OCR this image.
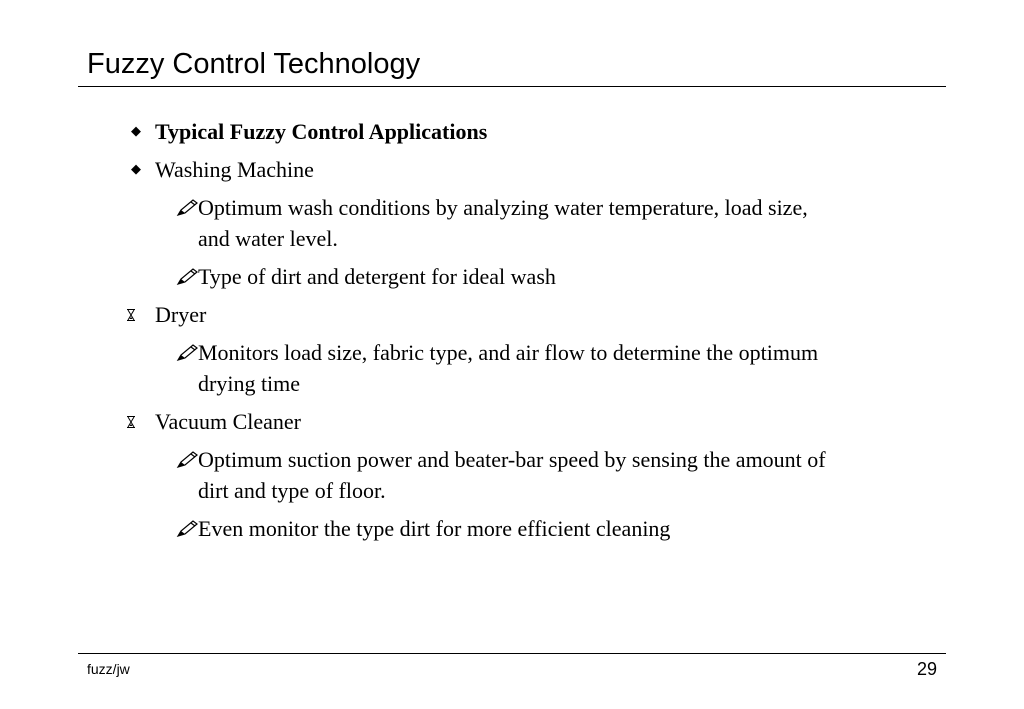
Fuzzy Control Technology
◆ Typical Fuzzy Control Applications
◆ Washing Machine
Optimum wash conditions by analyzing water temperature, load size,
and water level.
Type of dirt and detergent for ideal wash
Dryer
Monitors load size, fabric type, and air flow to determine the optimum
drying time
Vacuum Cleaner
Optimum suction power and beater-bar speed by sensing the amount of
dirt and type of floor.
Even monitor the type dirt for more efficient cleaning
fuzz/jw	29
